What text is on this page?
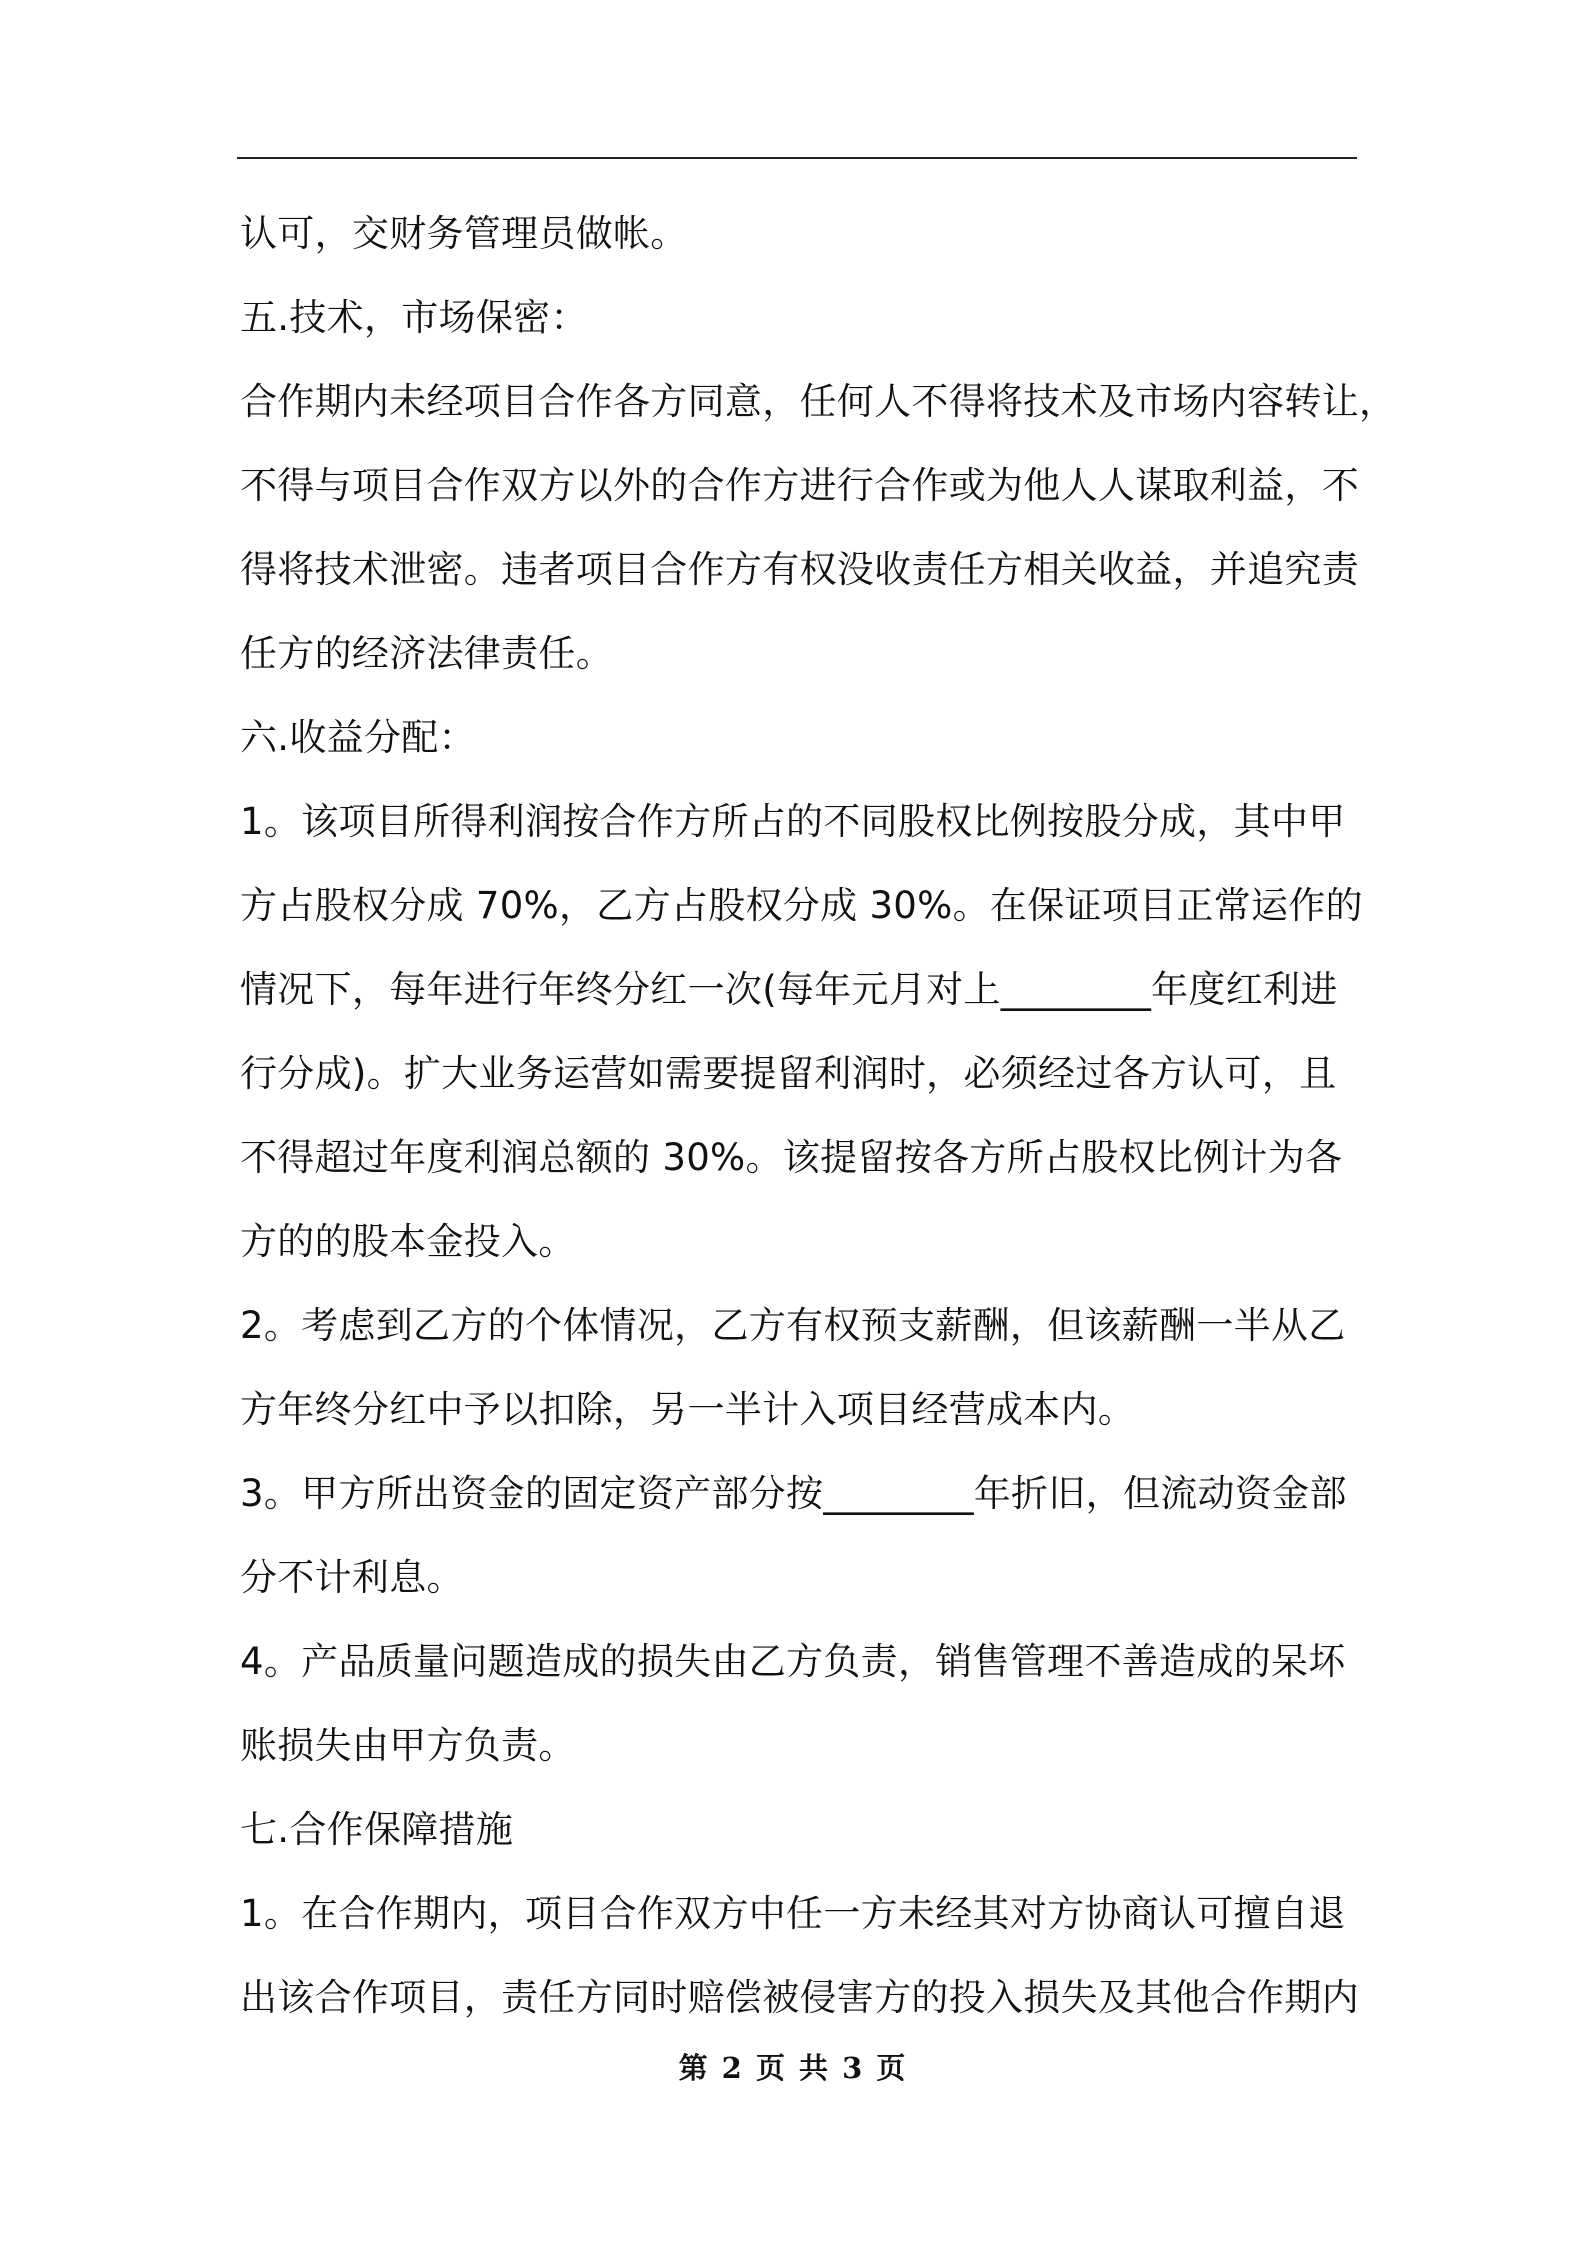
认可，交财务管理员做帐。
五.技术，市场保密：
合作期内未经项目合作各方同意，任何人不得将技术及市场内容转让，
不得与项目合作双方以外的合作方进行合作或为他人人谋取利益，不
得将技术泄密。违者项目合作方有权没收责任方相关收益，并追究责
任方的经济法律责任。
六.收益分配：
1。该项目所得利润按合作方所占的不同股权比例按股分成，其中甲
方占股权分成 70%，乙方占股权分成 30%。在保证项目正常运作的
情况下，每年进行年终分红一次(每年元月对上________年度红利进
行分成)。扩大业务运营如需要提留利润时，必须经过各方认可，且
不得超过年度利润总额的 30%。该提留按各方所占股权比例计为各
方的的股本金投入。
2。考虑到乙方的个体情况，乙方有权预支薪酬，但该薪酬一半从乙
方年终分红中予以扣除，另一半计入项目经营成本内。
3。甲方所出资金的固定资产部分按________年折旧，但流动资金部
分不计利息。
4。产品质量问题造成的损失由乙方负责，销售管理不善造成的呆坏
账损失由甲方负责。
七.合作保障措施
1。在合作期内，项目合作双方中任一方未经其对方协商认可擅自退
出该合作项目，责任方同时赔偿被侵害方的投入损失及其他合作期内
第 2 页 共 3 页
